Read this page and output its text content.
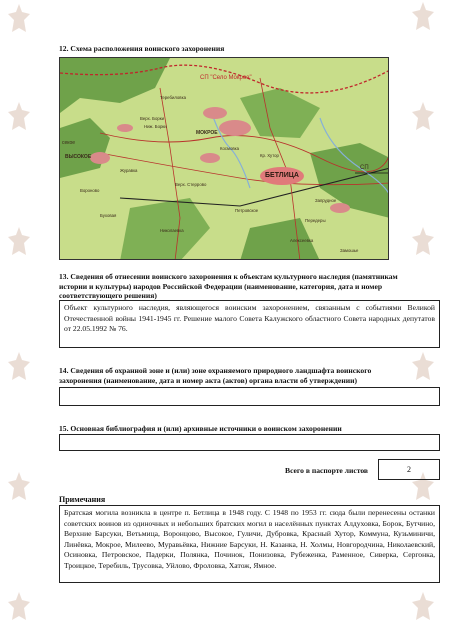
12. Схема расположения воинского захоронения
СП "Село Мокрое"
секое
ВЫСОКОЕ
МОКРОЕ
БЕТЛИЦА
СП
Кр. Хутор
Теребиловка
Верх. Борки
Ниж. Борки
Журавка
Верх. Стеррово
Передеры
Запрудное
Буховая
Космовка
Петровское
Вороново
Алексеевка
Николаевка
Замошье
13. Сведения об отнесении воинского захоронения к объектам культурного наследия (памятникам истории и культуры) народов Российской Федерации (наименование, категория, дата и номер соответствующего решения)
Объект культурного наследия, являющегося воинским захоронением, связанным с событиями Великой Отечественной войны 1941-1945 гг. Решение малого Совета Калужского областного Совета народных депутатов от 22.05.1992 № 76.
14. Сведения об охранной зоне и (или) зоне охраняемого природного ландшафта воинского захоронения (наименование, дата и номер акта (актов) органа власти об утверждении)
15. Основная библиография и (или) архивные источники о воинском захоронении
Всего в паспорте листов	2
Примечания
Братская могила возникла в центре п. Бетлица в 1948 году. С 1948 по 1953 гг. сюда были перенесены останки советских воинов из одиночных и небольших братских могил в населённых пунктах Алдуховка, Борок, Бутчино, Верхние Барсуки, Ветьмица, Воронцово, Высокое, Гуличи, Дубровка, Красный Хутор, Коммуна, Кузьминичи, Линёвка, Мокрое, Милеево, Муравьёвка, Нижние Барсуки, Н. Казанка, Н. Холмы, Новгородчина, Николаевский, Осиновка, Петровское, Падерки, Полянка, Починок, Понизовка, Рубеженка, Раменное, Сиверка, Сергонка, Троицкое, Теребиль, Трусовка, Уйлово, Фроловка, Хатож, Ямное.
